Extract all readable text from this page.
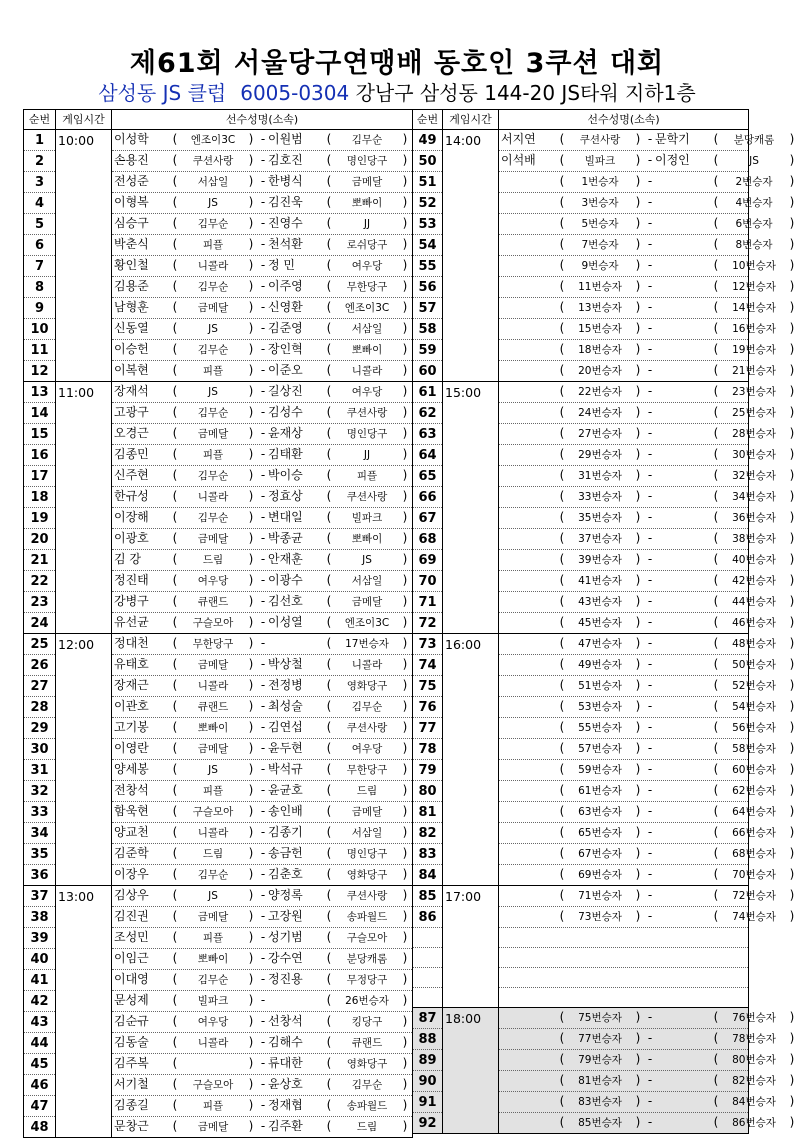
제61회 서울당구연맹배 동호인 3쿠션 대회
삼성동 JS 클럽 6005-0304 강남구 삼성동 144-20 JS타워 지하1층
순번	게임시간	선수성명(소속)
1	10:00	이성학 ( 엔조이3C ) - 이원범 ( 김무순 )
2		손용진 ( 쿠션사랑 ) - 김호진 ( 명인당구 )
3		전성준 ( 서삼일 ) - 한병식 ( 금메달 )
4		이형복 ( JS ) - 김진욱 ( 뽀빠이 )
5		심승구 ( 김무순 ) - 진영수 ( JJ )
6		박춘식 ( 피플 ) - 천석환 ( 로쉬당구 )
7		황인철 ( 니콜라 ) - 정 민 ( 여우당 )
8		김용준 ( 김무순 ) - 이주영 ( 무한당구 )
9		남형훈 ( 금메달 ) - 신영환 ( 엔조이3C )
10		신동열 ( JS ) - 김준영 ( 서삼일 )
11		이승헌 ( 김무순 ) - 장인혁 ( 뽀빠이 )
12		이복현 ( 피플 ) - 이준오 ( 니콜라 )
13	11:00	장재석 ( JS ) - 길상진 ( 여우당 )
14		고광구 ( 김무순 ) - 김성수 ( 쿠션사랑 )
15		오경근 ( 금메달 ) - 윤재상 ( 명인당구 )
16		김종민 ( 피플 ) - 김태환 ( JJ )
17		신주현 ( 김무순 ) - 박이승 ( 피플 )
18		한규성 ( 니콜라 ) - 정효상 ( 쿠션사랑 )
19		이장해 ( 김무순 ) - 변대일 ( 빌파크 )
20		이광호 ( 금메달 ) - 박종균 ( 뽀빠이 )
21		김 강 ( 드림 ) - 안재훈 ( JS )
22		정진태 ( 여우당 ) - 이광수 ( 서삼일 )
23		강병구 ( 큐랜드 ) - 김선호 ( 금메달 )
24		유선균 ( 구슬모아 ) - 이성열 ( 엔조이3C )
25	12:00	정대천 ( 무한당구 ) - ( 17번승자 )
26		유태호 ( 금메달 ) - 박상철 ( 니콜라 )
27		장재근 ( 니콜라 ) - 전정병 ( 영화당구 )
28		이관호 ( 큐랜드 ) - 최성술 ( 김무순 )
29		고기봉 ( 뽀빠이 ) - 김연섭 ( 쿠션사랑 )
30		이영란 ( 금메달 ) - 윤두현 ( 여우당 )
31		양세봉 ( JS ) - 박석규 ( 무한당구 )
32		전창석 ( 피플 ) - 윤균호 ( 드림 )
33		함욱현 ( 구슬모아 ) - 송인배 ( 금메달 )
34		양교천 ( 니콜라 ) - 김종기 ( 서삼일 )
35		김준학 ( 드림 ) - 송금헌 ( 명인당구 )
36		이장우 ( 김무순 ) - 김춘호 ( 영화당구 )
37	13:00	김상우 ( JS ) - 양정록 ( 쿠션사랑 )
38		김진권 ( 금메달 ) - 고장원 ( 송파월드 )
39		조성민 ( 피플 ) - 성기범 ( 구슬모아 )
40		이임근 ( 뽀빠이 ) - 강수연 ( 분당캐롬 )
41		이대영 ( 김무순 ) - 정진용 ( 무정당구 )
42		문성제 ( 빌파크 ) - ( 26번승자 )
43		김순규 ( 여우당 ) - 선창석 ( 킹당구 )
44		김동술 ( 니콜라 ) - 김해수 ( 큐랜드 )
45		김주복 ( ) - 류대한 ( 영화당구 )
46		서기철 ( 구슬모아 ) - 윤상호 ( 김무순 )
47		김종길 ( 피플 ) - 정재협 ( 송파월드 )
48		문창근 ( 금메달 ) - 김주환 ( 드림 )
순번	게임시간	선수성명(소속)
49	14:00	서지연 ( 쿠션사랑 ) - 문학기 ( 분당캐롬 )
50		이석배 ( 빌파크 ) - 이정인 ( JS )
51		( 1번승자 ) - ( 2번승자 )
52		( 3번승자 ) - ( 4번승자 )
53		( 5번승자 ) - ( 6번승자 )
54		( 7번승자 ) - ( 8번승자 )
55		( 9번승자 ) - ( 10번승자 )
56		( 11번승자 ) - ( 12번승자 )
57		( 13번승자 ) - ( 14번승자 )
58		( 15번승자 ) - ( 16번승자 )
59		( 18번승자 ) - ( 19번승자 )
60		( 20번승자 ) - ( 21번승자 )
61	15:00	( 22번승자 ) - ( 23번승자 )
62		( 24번승자 ) - ( 25번승자 )
63		( 27번승자 ) - ( 28번승자 )
64		( 29번승자 ) - ( 30번승자 )
65		( 31번승자 ) - ( 32번승자 )
66		( 33번승자 ) - ( 34번승자 )
67		( 35번승자 ) - ( 36번승자 )
68		( 37번승자 ) - ( 38번승자 )
69		( 39번승자 ) - ( 40번승자 )
70		( 41번승자 ) - ( 42번승자 )
71		( 43번승자 ) - ( 44번승자 )
72		( 45번승자 ) - ( 46번승자 )
73	16:00	( 47번승자 ) - ( 48번승자 )
74		( 49번승자 ) - ( 50번승자 )
75		( 51번승자 ) - ( 52번승자 )
76		( 53번승자 ) - ( 54번승자 )
77		( 55번승자 ) - ( 56번승자 )
78		( 57번승자 ) - ( 58번승자 )
79		( 59번승자 ) - ( 60번승자 )
80		( 61번승자 ) - ( 62번승자 )
81		( 63번승자 ) - ( 64번승자 )
82		( 65번승자 ) - ( 66번승자 )
83		( 67번승자 ) - ( 68번승자 )
84		( 69번승자 ) - ( 70번승자 )
85	17:00	( 71번승자 ) - ( 72번승자 )
86		( 73번승자 ) - ( 74번승자 )

87	18:00	( 75번승자 ) - ( 76번승자 )
88		( 77번승자 ) - ( 78번승자 )
89		( 79번승자 ) - ( 80번승자 )
90		( 81번승자 ) - ( 82번승자 )
91		( 83번승자 ) - ( 84번승자 )
92		( 85번승자 ) - ( 86번승자 )
